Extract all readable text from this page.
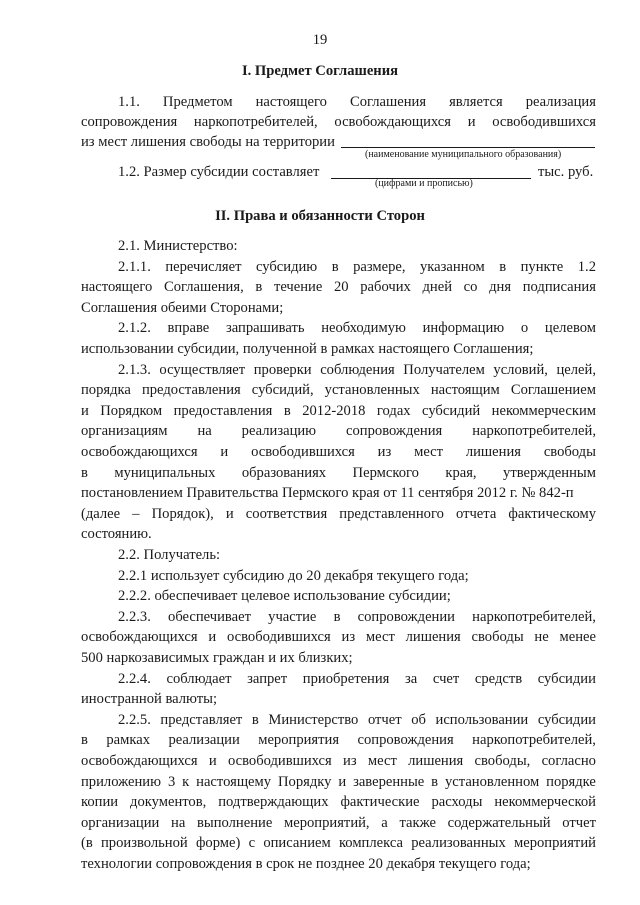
19
I. Предмет Соглашения
1.1. Предметом настоящего Соглашения является реализация
сопровождения наркопотребителей, освобождающихся и освободившихся
из мест лишения свободы на территории
(наименование муниципального образования)
1.2. Размер субсидии составляет	тыс. руб.
(цифрами и прописью)
II. Права и обязанности Сторон
2.1. Министерство:
2.1.1. перечисляет субсидию в размере, указанном в пункте 1.2
настоящего Соглашения, в течение 20 рабочих дней со дня подписания
Соглашения обеими Сторонами;
2.1.2. вправе запрашивать необходимую информацию о целевом
использовании субсидии, полученной в рамках настоящего Соглашения;
2.1.3. осуществляет проверки соблюдения Получателем условий, целей,
порядка предоставления субсидий, установленных настоящим Соглашением
и Порядком предоставления в 2012-2018 годах субсидий некоммерческим
организациям на реализацию сопровождения наркопотребителей,
освобождающихся и освободившихся из мест лишения свободы
в муниципальных образованиях Пермского края, утвержденным
постановлением Правительства Пермского края от 11 сентября 2012 г. № 842-п
(далее – Порядок), и соответствия представленного отчета фактическому
состоянию.
2.2. Получатель:
2.2.1 использует субсидию до 20 декабря текущего года;
2.2.2. обеспечивает целевое использование субсидии;
2.2.3. обеспечивает участие в сопровождении наркопотребителей,
освобождающихся и освободившихся из мест лишения свободы не менее
500 наркозависимых граждан и их близких;
2.2.4. соблюдает запрет приобретения за счет средств субсидии
иностранной валюты;
2.2.5. представляет в Министерство отчет об использовании субсидии
в рамках реализации мероприятия сопровождения наркопотребителей,
освобождающихся и освободившихся из мест лишения свободы, согласно
приложению 3 к настоящему Порядку и заверенные в установленном порядке
копии документов, подтверждающих фактические расходы некоммерческой
организации на выполнение мероприятий, а также содержательный отчет
(в произвольной форме) с описанием комплекса реализованных мероприятий
технологии сопровождения в срок не позднее 20 декабря текущего года;
